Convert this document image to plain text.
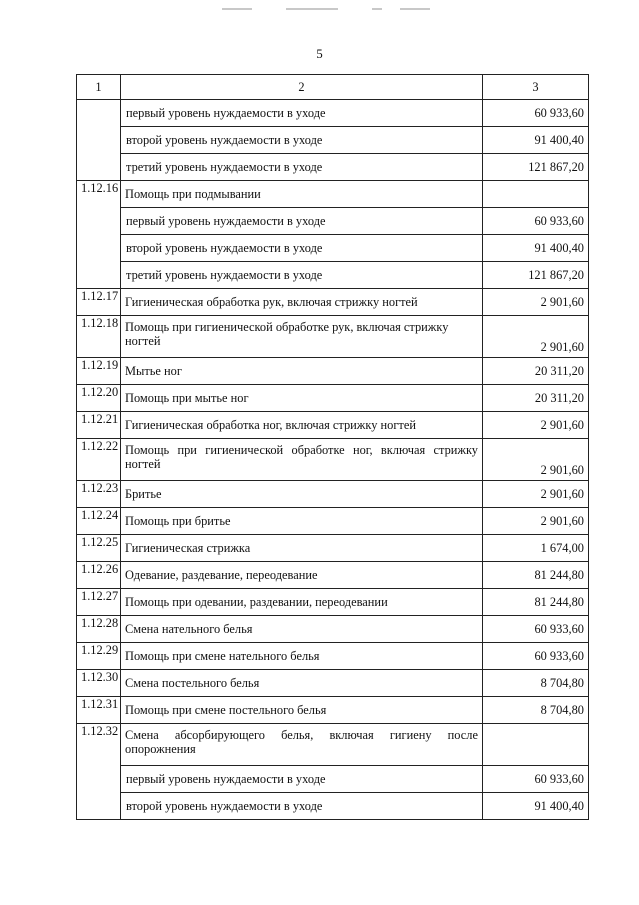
5
1	2	3
	первый уровень нуждаемости в уходе	60 933,60
	второй уровень нуждаемости в уходе	91 400,40
	третий уровень нуждаемости в уходе	121 867,20
1.12.16	Помощь при подмывании	
	первый уровень нуждаемости в уходе	60 933,60
	второй уровень нуждаемости в уходе	91 400,40
	третий уровень нуждаемости в уходе	121 867,20
1.12.17	Гигиеническая обработка рук, включая стрижку ногтей	2 901,60
1.12.18	Помощь при гигиенической обработке рук, включая стрижку ногтей	2 901,60
1.12.19	Мытье ног	20 311,20
1.12.20	Помощь при мытье ног	20 311,20
1.12.21	Гигиеническая обработка ног, включая стрижку ногтей	2 901,60
1.12.22	Помощь при гигиенической обработке ног, включая стрижку ногтей	2 901,60
1.12.23	Бритье	2 901,60
1.12.24	Помощь при бритье	2 901,60
1.12.25	Гигиеническая стрижка	1 674,00
1.12.26	Одевание, раздевание, переодевание	81 244,80
1.12.27	Помощь при одевании, раздевании, переодевании	81 244,80
1.12.28	Смена нательного белья	60 933,60
1.12.29	Помощь при смене нательного белья	60 933,60
1.12.30	Смена постельного белья	8 704,80
1.12.31	Помощь при смене постельного белья	8 704,80
1.12.32	Смена абсорбирующего белья, включая гигиену после опорожнения	
	первый уровень нуждаемости в уходе	60 933,60
	второй уровень нуждаемости в уходе	91 400,40
